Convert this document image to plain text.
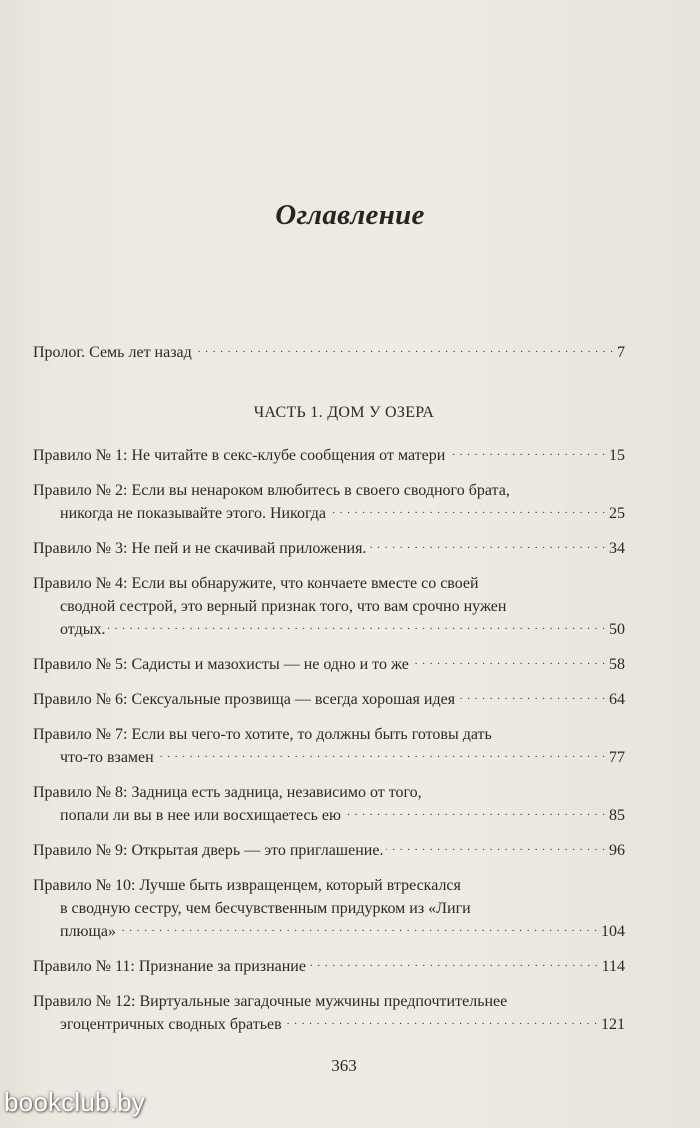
Оглавление
Пролог. Семь лет назад . . .	7
ЧАСТЬ 1. ДОМ У ОЗЕРА
Правило № 1: Не читайте в секс-клубе сообщения от матери . . .	15
Правило № 2: Если вы ненароком влюбитесь в своего сводного брата,
никогда не показывайте этого. Никогда . . .	25
Правило № 3: Не пей и не скачивай приложения. . . .	34
Правило № 4: Если вы обнаружите, что кончаете вместе со своей
сводной сестрой, это верный признак того, что вам срочно нужен
отдых. . . .	50
Правило № 5: Садисты и мазохисты — не одно и то же . . .	58
Правило № 6: Сексуальные прозвища — всегда хорошая идея . . .	64
Правило № 7: Если вы чего-то хотите, то должны быть готовы дать
что-то взамен . . .	77
Правило № 8: Задница есть задница, независимо от того,
попали ли вы в нее или восхищаетесь ею . . .	85
Правило № 9: Открытая дверь — это приглашение. . . .	96
Правило № 10: Лучше быть извращенцем, который втрескался
в сводную сестру, чем бесчувственным придурком из «Лиги
плюща» . . .	104
Правило № 11: Признание за признание . . .	114
Правило № 12: Виртуальные загадочные мужчины предпочтительнее
эгоцентричных сводных братьев . . .	121
363
bookclub.by
